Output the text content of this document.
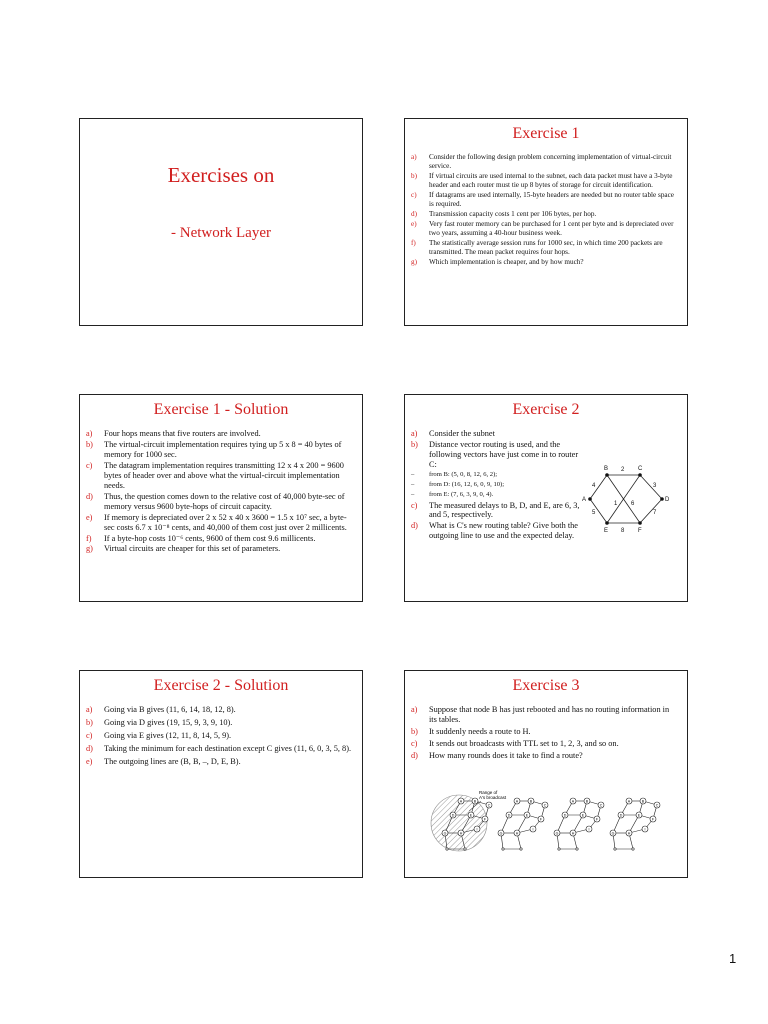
Exercises on
- Network Layer
Exercise 1
a) Consider the following design problem concerning implementation of virtual-circuit service.
b) If virtual circuits are used internal to the subnet, each data packet must have a 3-byte header and each router must tie up 8 bytes of storage for circuit identification.
c) If datagrams are used internally, 15-byte headers are needed but no router table space is required.
d) Transmission capacity costs 1 cent per 106 bytes, per hop.
e) Very fast router memory can be purchased for 1 cent per byte and is depreciated over two years, assuming a 40-hour business week.
f) The statistically average session runs for 1000 sec, in which time 200 packets are transmitted. The mean packet requires four hops.
g) Which implementation is cheaper, and by how much?
Exercise 1 - Solution
a) Four hops means that five routers are involved.
b) The virtual-circuit implementation requires tying up 5 x 8 = 40 bytes of memory for 1000 sec.
c) The datagram implementation requires transmitting 12 x 4 x 200 = 9600 bytes of header over and above what the virtual-circuit implementation needs.
d) Thus, the question comes down to the relative cost of 40,000 byte-sec of memory versus 9600 byte-hops of circuit capacity.
e) If memory is depreciated over 2 x 52 x 40 x 3600 = 1.5 x 10⁷ sec, a byte-sec costs 6.7 x 10⁻⁸ cents, and 40,000 of them cost just over 2 millicents.
f) If a byte-hop costs 10⁻⁶ cents, 9600 of them cost 9.6 millicents.
g) Virtual circuits are cheaper for this set of parameters.
Exercise 2
a) Consider the subnet
b) Distance vector routing is used, and the following vectors have just come in to router C:
– from B: (5, 0, 8, 12, 6, 2);
– from D: (16, 12, 6, 0, 9, 10);
– from E: (7, 6, 3, 9, 0, 4).
c) The measured delays to B, D, and E, are 6, 3, and 5, respectively.
d) What is C's new routing table? Give both the outgoing line to use and the expected delay.
B	C
A	D
E	F
2
4	3
1 6
5	7
8
Exercise 2 - Solution
a) Going via B gives (11, 6, 14, 18, 12, 8).
b) Going via D gives (19, 15, 9, 3, 9, 10).
c) Going via E gives (12, 11, 8, 14, 5, 9).
d) Taking the minimum for each destination except C gives (11, 6, 0, 3, 5, 8).
e) The outgoing lines are (B, B, –, D, E, B).
Exercise 3
a) Suppose that node B has just rebooted and has no routing information in its tables.
b) It suddenly needs a route to H.
c) It sends out broadcasts with TTL set to 1, 2, 3, and so on.
d) How many rounds does it take to find a route?
Range of
A's broadcast
A	B
C
D	E
F
G	H
I
A	B
C
D	E
F
G	H
I
A	B
C
D	E
F
G	H
I
A	B
C
D	E
F
G	H
I
1
